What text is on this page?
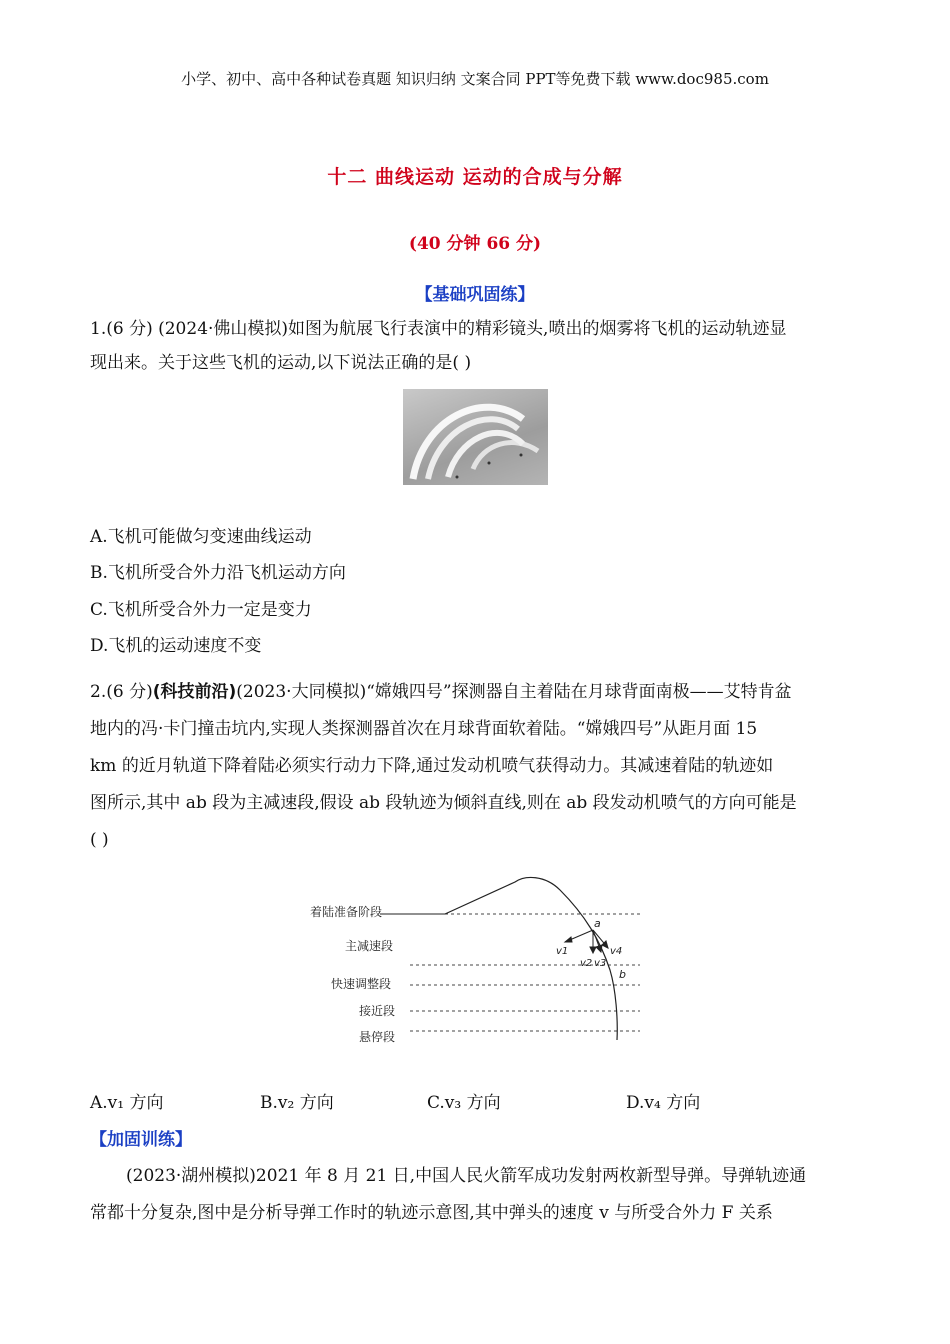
小学、初中、高中各种试卷真题 知识归纳 文案合同 PPT等免费下载 www.doc985.com
十二 曲线运动 运动的合成与分解
(40 分钟 66 分)
【基础巩固练】
1.(6 分) (2024·佛山模拟)如图为航展飞行表演中的精彩镜头,喷出的烟雾将飞机的运动轨迹显
现出来。关于这些飞机的运动,以下说法正确的是( )
A.飞机可能做匀变速曲线运动
B.飞机所受合外力沿飞机运动方向
C.飞机所受合外力一定是变力
D.飞机的运动速度不变
2.(6 分)(科技前沿)(2023·大同模拟)“嫦娥四号”探测器自主着陆在月球背面南极——艾特肯盆
地内的冯·卡门撞击坑内,实现人类探测器首次在月球背面软着陆。“嫦娥四号”从距月面 15
km 的近月轨道下降着陆必须实行动力下降,通过发动机喷气获得动力。其减速着陆的轨迹如
图所示,其中 ab 段为主减速段,假设 ab 段轨迹为倾斜直线,则在 ab 段发动机喷气的方向可能是
( )
着陆准备阶段
主减速段
快速调整段
接近段
悬停段
a
b
v1
v2 v3
v4
A.v₁ 方向	B.v₂ 方向	C.v₃ 方向	D.v₄ 方向
【加固训练】
(2023·湖州模拟)2021 年 8 月 21 日,中国人民火箭军成功发射两枚新型导弹。导弹轨迹通
常都十分复杂,图中是分析导弹工作时的轨迹示意图,其中弹头的速度 v 与所受合外力 F 关系
